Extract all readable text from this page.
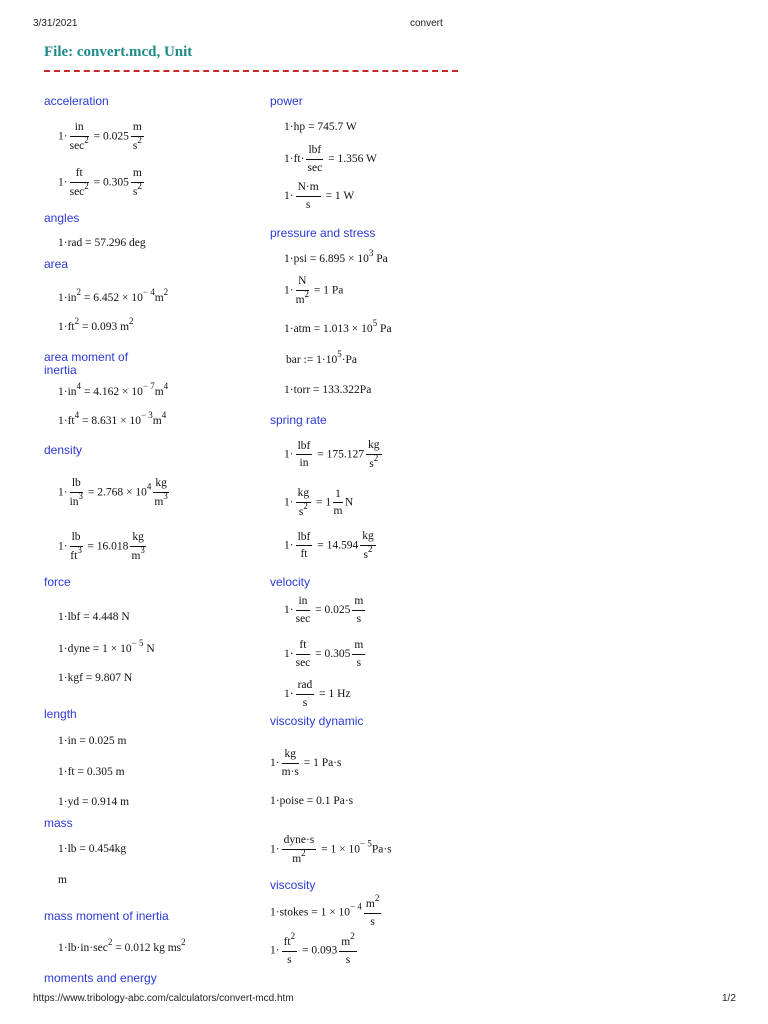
3/31/2021	convert
File: convert.mcd, Unit
acceleration
1·
in
$\sec^2 = 0.025 \frac{m}{s^2}$
1·
ft
$\sec^2 = 0.305 \frac{m}{s^2}$
angles
1·rad = 57.296 deg
area
$1\cdot in^2 = 6.452 \times 10^{- 4}m^2$
$1\cdot ft^2 = 0.093$ $m^2$
area moment of inertia
$1\cdot in^4 = 4.162 \times 10^{- 7}m^4$
$1\cdot ft^4 = 8.631 \times 10^{- 3}m^4$
density
$1\cdot \frac{lb}{in^3} = 2.768 \times 10^4 \frac{kg}{m^3}$
$1\cdot \frac{lb}{ft^3} = 16.018 \frac{kg}{m^3}$
force
1·lbf = 4.448 N
1·dyne = $1 \times 10^{- 5}$ N
1·kgf = 9.807 N
length
1·in = 0.025 m
1·ft = 0.305 m
1·yd = 0.914 m
mass
1·lb = 0.454kg
m
mass moment of inertia
$1\cdot lb\cdot in\cdot\sec^2 = 0.012$ kg $ms^2$
moments and energy
power
1·hp = 745.7 W
1·ft·
lbf
sec
= 1.356 W
$1\cdot \frac{N\cdot m}{s} = 1$ W
pressure and stress
$1\cdot psi = 6.895 \times 10^3$ Pa
$1\cdot \frac{N}{m^2} = 1$ Pa
$1\cdot atm = 1.013 \times 10^5$ Pa
bar := $1\cdot 10^5\cdot Pa$
1·torr = 133.322Pa
spring rate
1·
lbf
in
= $175.127 \frac{kg}{s^2}$
$1\cdot \frac{kg}{s^2} = 1 \frac{1}{m}$ N
1·
lbf
ft
= $14.594 \frac{kg}{s^2}$
velocity
1·
in
sec
= $0.025 \frac{m}{s}$
1·
ft
sec
= $0.305 \frac{m}{s}$
1·
rad
s
= 1 Hz
viscosity dynamic
$1\cdot \frac{kg}{m\cdot s} = 1$ Pa·s
1·poise = 0.1 Pa·s
1·
dyne·s
$m^2$	= $1 \times 10^{- 5}Pa\cdot s$
viscosity
1·stokes = $1 \times 10^{- 4} \frac{m^2}{s}$
$1\cdot \frac{ft^2}{s} = 0.093 \frac{m^2}{s}$
https://www.tribology-abc.com/calculators/convert-mcd.htm	1/2
